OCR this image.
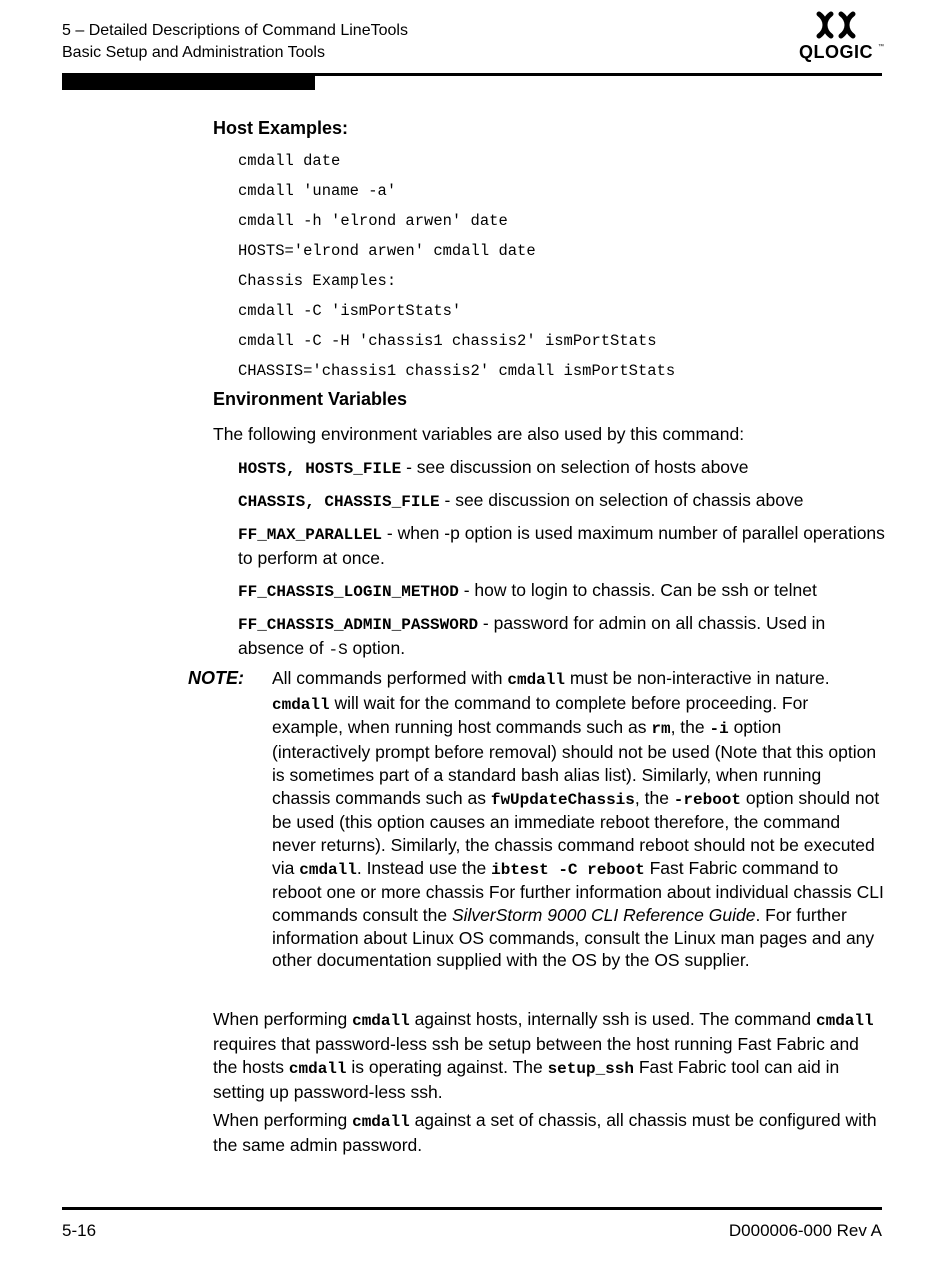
5 – Detailed Descriptions of Command LineTools
Basic Setup and Administration Tools	QLOGIC ™
Host Examples:
cmdall date
cmdall 'uname -a'
cmdall -h 'elrond arwen' date
HOSTS='elrond arwen' cmdall date
Chassis Examples:
cmdall -C 'ismPortStats'
cmdall -C -H 'chassis1 chassis2' ismPortStats
CHASSIS='chassis1 chassis2' cmdall ismPortStats
Environment Variables
The following environment variables are also used by this command:
HOSTS, HOSTS_FILE - see discussion on selection of hosts above
CHASSIS, CHASSIS_FILE - see discussion on selection of chassis above
FF_MAX_PARALLEL - when -p option is used maximum number of parallel operations to perform at once.
FF_CHASSIS_LOGIN_METHOD - how to login to chassis. Can be ssh or telnet
FF_CHASSIS_ADMIN_PASSWORD - password for admin on all chassis. Used in absence of -S option.
NOTE: All commands performed with cmdall must be non-interactive in nature. cmdall will wait for the command to complete before proceeding. For example, when running host commands such as rm, the -i option (interactively prompt before removal) should not be used (Note that this option is sometimes part of a standard bash alias list). Similarly, when running chassis commands such as fwUpdateChassis, the -reboot option should not be used (this option causes an immediate reboot therefore, the command never returns). Similarly, the chassis command reboot should not be executed via cmdall. Instead use the ibtest -C reboot Fast Fabric command to reboot one or more chassis For further information about individual chassis CLI commands consult the SilverStorm 9000 CLI Reference Guide. For further information about Linux OS commands, consult the Linux man pages and any other documentation supplied with the OS by the OS supplier.
When performing cmdall against hosts, internally ssh is used. The command cmdall requires that password-less ssh be setup between the host running Fast Fabric and the hosts cmdall is operating against. The setup_ssh Fast Fabric tool can aid in setting up password-less ssh.
When performing cmdall against a set of chassis, all chassis must be configured with the same admin password.
5-16	D000006-000 Rev A
